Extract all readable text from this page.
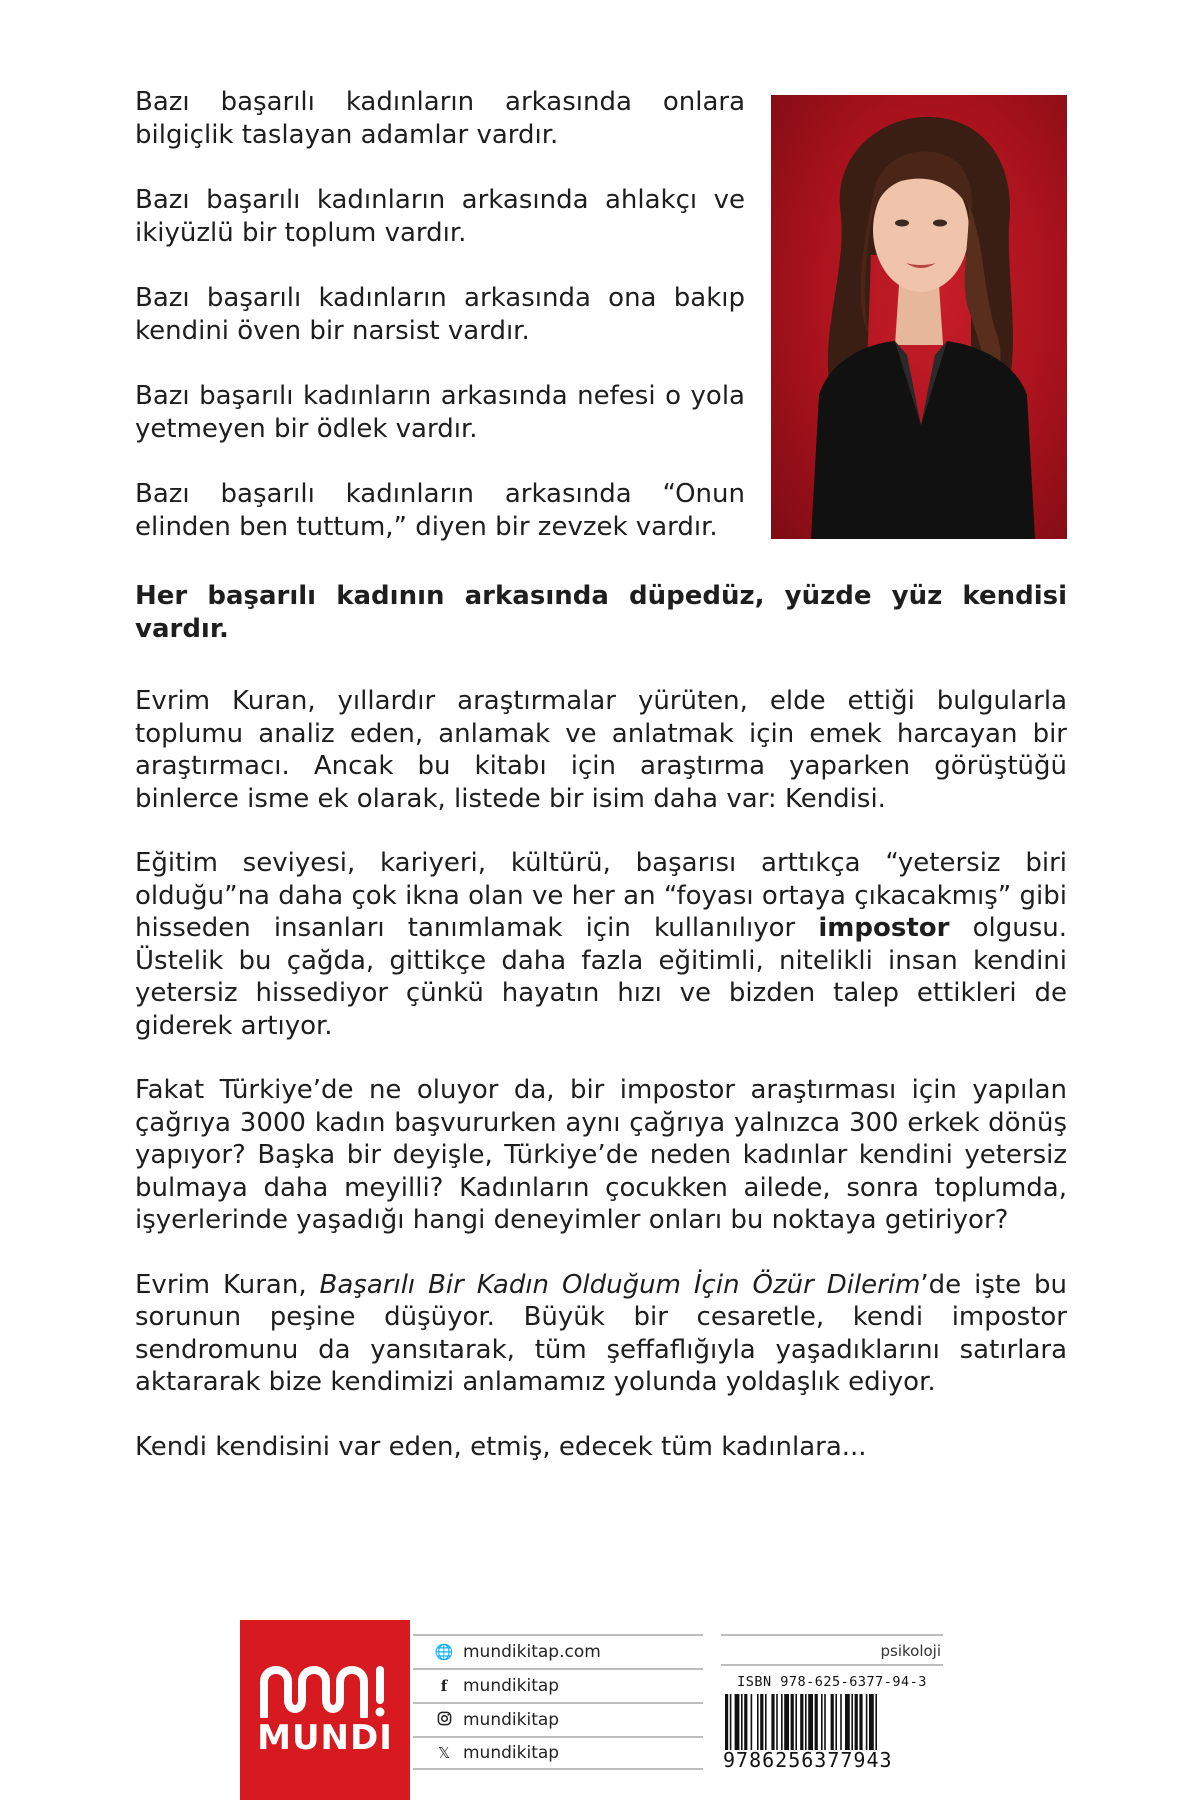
Bazı başarılı kadınların arkasında onlara bilgiçlik taslayan adamlar vardır.

Bazı başarılı kadınların arkasında ahlakçı ve ikiyüzlü bir toplum vardır.

Bazı başarılı kadınların arkasında ona bakıp kendini öven bir narsist vardır.

Bazı başarılı kadınların arkasında nefesi o yola yetmeyen bir ödlek vardır.

Bazı başarılı kadınların arkasında “Onun elinden ben tuttum,” diyen bir zevzek vardır.

Her başarılı kadının arkasında düpedüz, yüzde yüz kendisi vardır.

Evrim Kuran, yıllardır araştırmalar yürüten, elde ettiği bulgularla toplumu analiz eden, anlamak ve anlatmak için emek harcayan bir araştırmacı. Ancak bu kitabı için araştırma yaparken görüştüğü binlerce isme ek olarak, listede bir isim daha var: Kendisi.

Eğitim seviyesi, kariyeri, kültürü, başarısı arttıkça “yetersiz biri olduğu”na daha çok ikna olan ve her an “foyası ortaya çıkacakmış” gibi hisseden insanları tanımlamak için kullanılıyor impostor olgusu. Üstelik bu çağda, gittikçe daha fazla eğitimli, nitelikli insan kendini yetersiz hissediyor çünkü hayatın hızı ve bizden talep ettikleri de giderek artıyor.

Fakat Türkiye’de ne oluyor da, bir impostor araştırması için yapılan çağrıya 3000 kadın başvururken aynı çağrıya yalnızca 300 erkek dönüş yapıyor? Başka bir deyişle, Türkiye’de neden kadınlar kendini yetersiz bulmaya daha meyilli? Kadınların çocukken ailede, sonra toplumda, işyerlerinde yaşadığı hangi deneyimler onları bu noktaya getiriyor?

Evrim Kuran, Başarılı Bir Kadın Olduğum İçin Özür Dilerim’de işte bu sorunun peşine düşüyor. Büyük bir cesaretle, kendi impostor sendromunu da yansıtarak, tüm şeffaflığıyla yaşadıklarını satırlara aktararak bize kendimizi anlamamız yolunda yoldaşlık ediyor.

Kendi kendisini var eden, etmiş, edecek tüm kadınlara...

MUNDI
🌐 mundikitap.com
f mundikitap
mundikitap
𝕏 mundikitap
psikoloji
ISBN 978-625-6377-94-3
9786256377943
